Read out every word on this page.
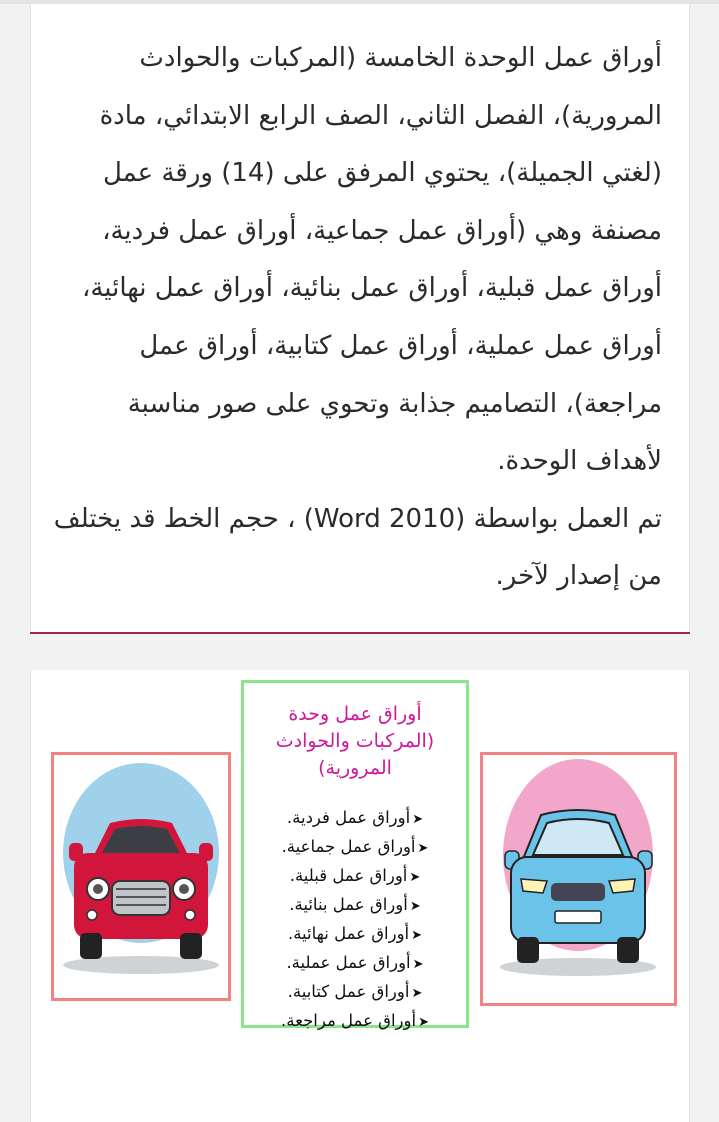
أوراق عمل الوحدة الخامسة (المركبات والحوادث المرورية)، الفصل الثاني، الصف الرابع الابتدائي، مادة (لغتي الجميلة)، يحتوي المرفق على (14) ورقة عمل مصنفة وهي (أوراق عمل جماعية، أوراق عمل فردية، أوراق عمل قبلية، أوراق عمل بنائية، أوراق عمل نهائية، أوراق عمل عملية، أوراق عمل كتابية، أوراق عمل مراجعة)، التصاميم جذابة وتحوي على صور مناسبة لأهداف الوحدة.

تم العمل بواسطة (Word 2010) ، حجم الخط قد يختلف من إصدار لآخر.

أوراق عمل وحدة (المركبات والحوادث المرورية)
➤أوراق عمل فردية.
➤أوراق عمل جماعية.
➤أوراق عمل قبلية.
➤أوراق عمل بنائية.
➤أوراق عمل نهائية.
➤أوراق عمل عملية.
➤أوراق عمل كتابية.
➤أوراق عمل مراجعة.
